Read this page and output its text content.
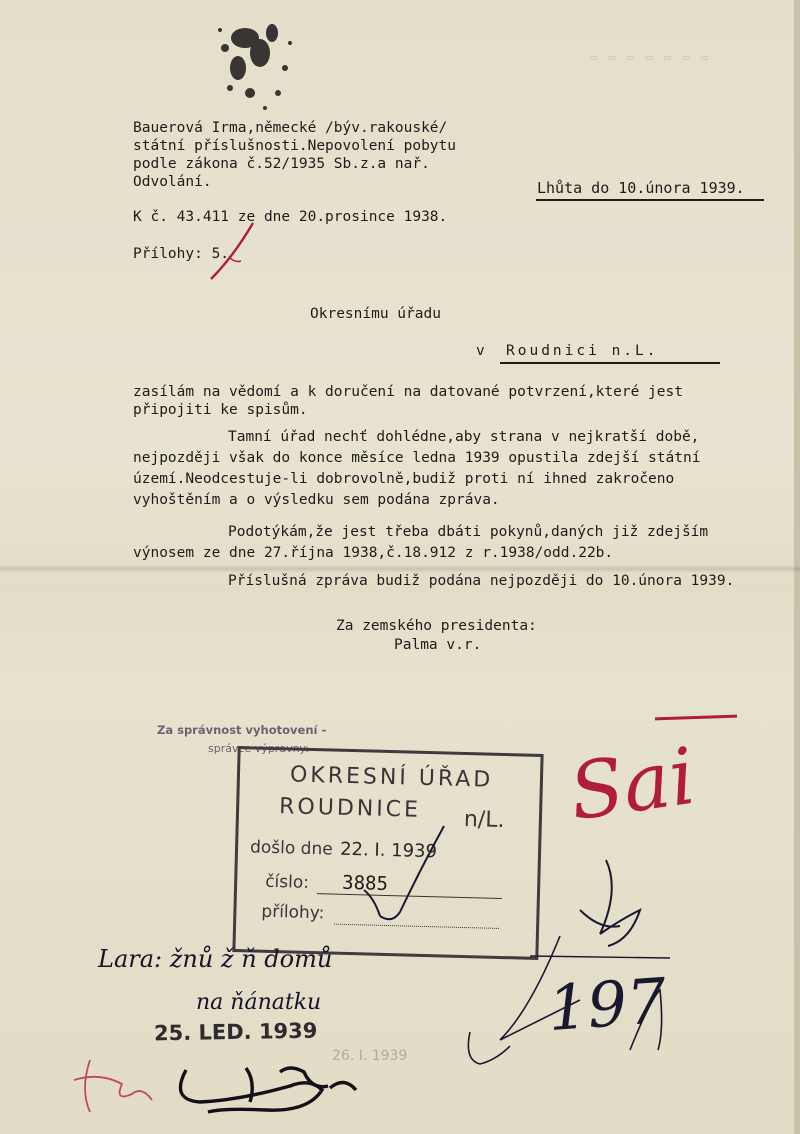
▭ ▭ ▭ ▭ ▭ ▭ ▭
Bauerová Irma,německé /býv.rakouské/
státní příslušnosti.Nepovolení pobytu
podle zákona č.52/1935 Sb.z.a nař.
Odvolání.	Lhůta do 10.února 1939.
K č. 43.411 ze dne 20.prosince 1938.
Přílohy: 5.
Okresnímu úřadu
v Roudnici n.L.
zasílám na vědomí a k doručení na datované potvrzení,které jest
připojiti ke spisům.
Tamní úřad nechť dohlédne,aby strana v nejkratší době,
nejpozději však do konce měsíce ledna 1939 opustila zdejší státní
území.Neodcestuje-li dobrovolně,budiž proti ní ihned zakročeno
vyhoštěním a o výsledku sem podána zpráva.
Podotýkám,že jest třeba dbáti pokynů,daných již zdejším
výnosem ze dne 27.října 1938,č.18.912 z r.1938/odd.22b.
Příslušná zpráva budiž podána nejpozději do 10.února 1939.
Za zemského presidenta:
Palma v.r.
Za správnost vyhotovení -
správce výpravny:	Sai
OKRESNÍ ÚŘAD
ROUDNICE n/L.
došlo dne 22. I. 1939
číslo: 3885
přílohy:
Lara: žnů ž ň domů
na ňánatku
25. LED. 1939
26. I. 1939
197
